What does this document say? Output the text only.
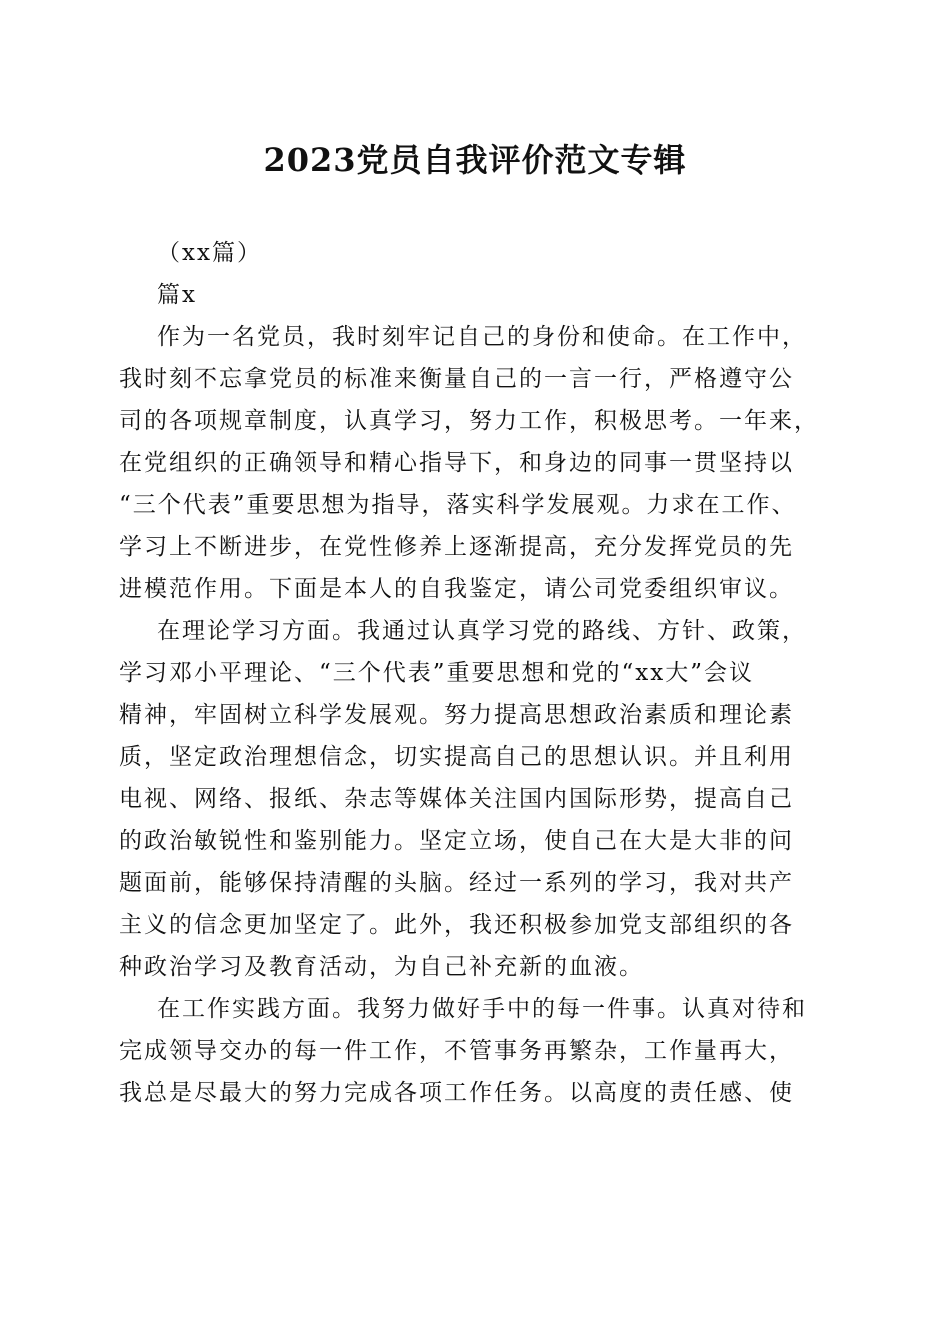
2023党员自我评价范文专辑
（xx篇）
篇x
作为一名党员，我时刻牢记自己的身份和使命。在工作中，
我时刻不忘拿党员的标准来衡量自己的一言一行，严格遵守公
司的各项规章制度，认真学习，努力工作，积极思考。一年来，
在党组织的正确领导和精心指导下，和身边的同事一贯坚持以
“三个代表”重要思想为指导，落实科学发展观。力求在工作、
学习上不断进步，在党性修养上逐渐提高，充分发挥党员的先
进模范作用。下面是本人的自我鉴定，请公司党委组织审议。
在理论学习方面。我通过认真学习党的路线、方针、政策，
学习邓小平理论、“三个代表”重要思想和党的“xx大”会议
精神，牢固树立科学发展观。努力提高思想政治素质和理论素
质，坚定政治理想信念，切实提高自己的思想认识。并且利用
电视、网络、报纸、杂志等媒体关注国内国际形势，提高自己
的政治敏锐性和鉴别能力。坚定立场，使自己在大是大非的问
题面前，能够保持清醒的头脑。经过一系列的学习，我对共产
主义的信念更加坚定了。此外，我还积极参加党支部组织的各
种政治学习及教育活动，为自己补充新的血液。
在工作实践方面。我努力做好手中的每一件事。认真对待和
完成领导交办的每一件工作，不管事务再繁杂，工作量再大，
我总是尽最大的努力完成各项工作任务。以高度的责任感、使
